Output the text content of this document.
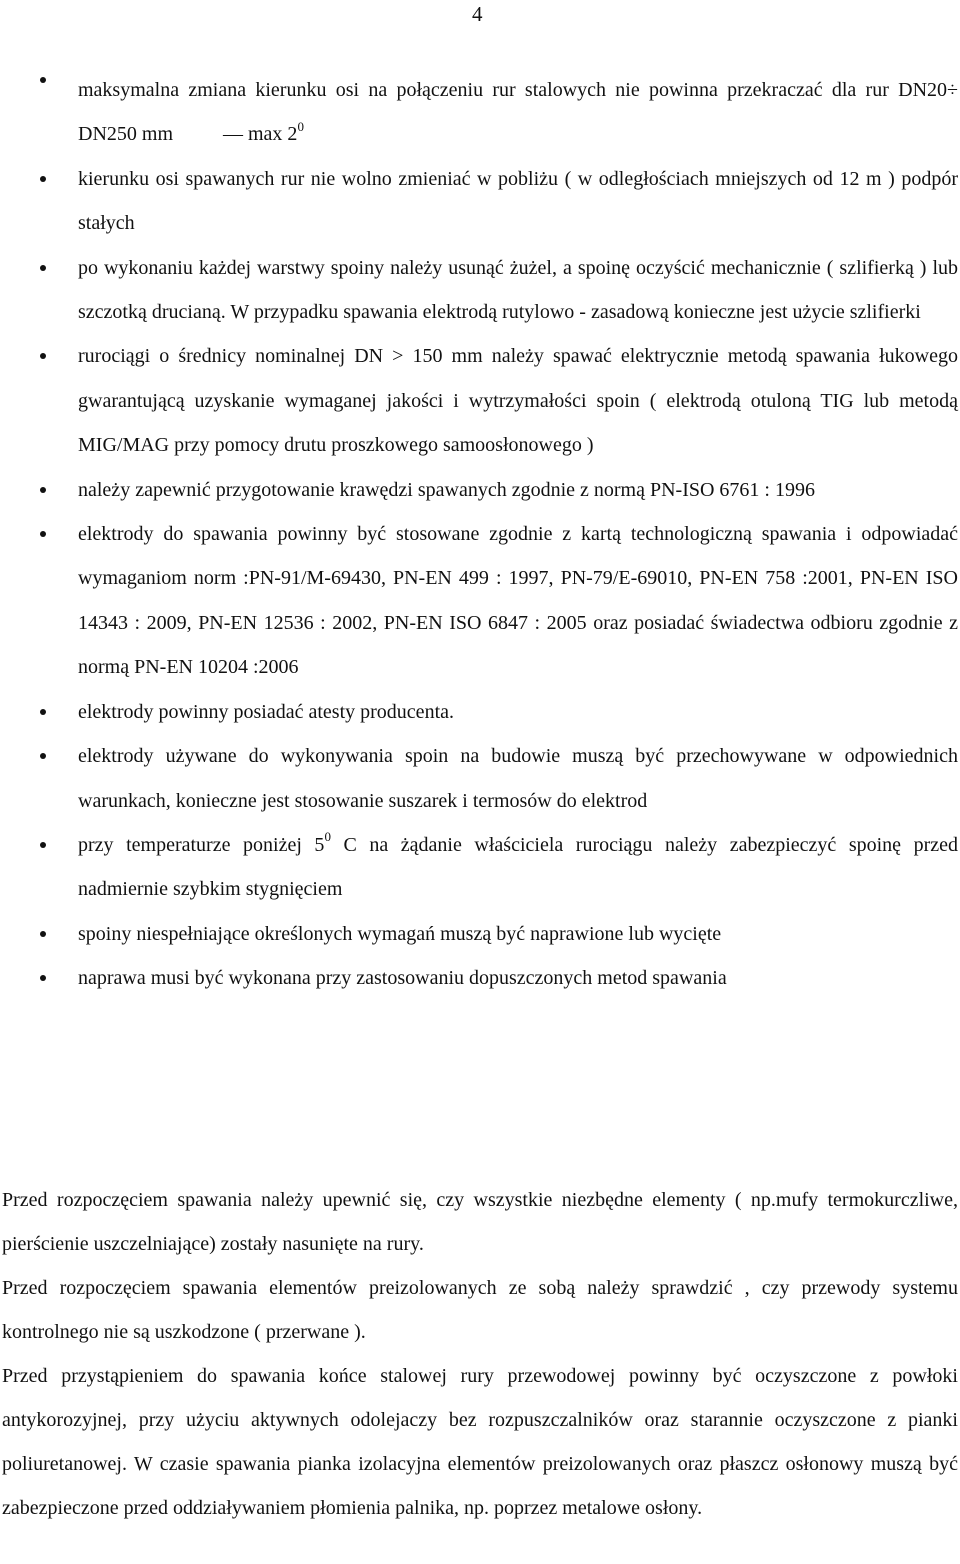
4
maksymalna zmiana kierunku osi na połączeniu rur stalowych nie powinna przekraczać dla rur DN20÷ DN250 mm          — $\max 2^0$
kierunku osi spawanych rur nie wolno zmieniać w pobliżu ( w odległościach mniejszych od 12 m ) podpór stałych
po wykonaniu każdej warstwy spoiny należy usunąć żużel, a spoinę oczyścić mechanicznie ( szlifierką ) lub szczotką drucianą. W przypadku spawania elektrodą rutylowo - zasadową konieczne jest użycie szlifierki
rurociągi o średnicy nominalnej DN > 150 mm należy spawać elektrycznie metodą spawania łukowego gwarantującą uzyskanie wymaganej jakości i wytrzymałości spoin ( elektrodą otuloną TIG lub metodą MIG/MAG przy pomocy drutu proszkowego samoosłonowego )
należy zapewnić przygotowanie krawędzi spawanych zgodnie z normą PN-ISO 6761 : 1996
elektrody do spawania powinny być stosowane zgodnie z kartą technologiczną spawania i odpowiadać wymaganiom norm :PN-91/M-69430, PN-EN 499 : 1997, PN-79/E-69010, PN-EN 758 :2001, PN-EN ISO 14343 : 2009, PN-EN 12536 : 2002, PN-EN ISO 6847 : 2005 oraz posiadać świadectwa odbioru zgodnie z normą PN-EN 10204 :2006
elektrody powinny posiadać atesty producenta.
elektrody używane do wykonywania spoin na budowie muszą być przechowywane w odpowiednich warunkach, konieczne jest stosowanie suszarek i termosów do elektrod
przy temperaturze poniżej $5^0$ C na żądanie właściciela rurociągu należy zabezpieczyć spoinę przed nadmiernie szybkim stygnięciem
spoiny niespełniające określonych wymagań muszą być naprawione lub wycięte
naprawa musi być wykonana przy zastosowaniu dopuszczonych metod spawania
Przed rozpoczęciem spawania należy upewnić się, czy wszystkie niezbędne elementy ( np.mufy termokurczliwe, pierścienie uszczelniające) zostały nasunięte na rury.
Przed rozpoczęciem spawania elementów preizolowanych ze sobą należy sprawdzić , czy przewody systemu kontrolnego nie są uszkodzone ( przerwane ).
Przed przystąpieniem do spawania końce stalowej rury przewodowej powinny być oczyszczone z powłoki antykorozyjnej, przy użyciu aktywnych odolejaczy bez rozpuszczalników oraz starannie oczyszczone z pianki poliuretanowej. W czasie spawania pianka izolacyjna elementów preizolowanych oraz płaszcz osłonowy muszą być zabezpieczone przed oddziaływaniem płomienia palnika, np. poprzez metalowe osłony.
